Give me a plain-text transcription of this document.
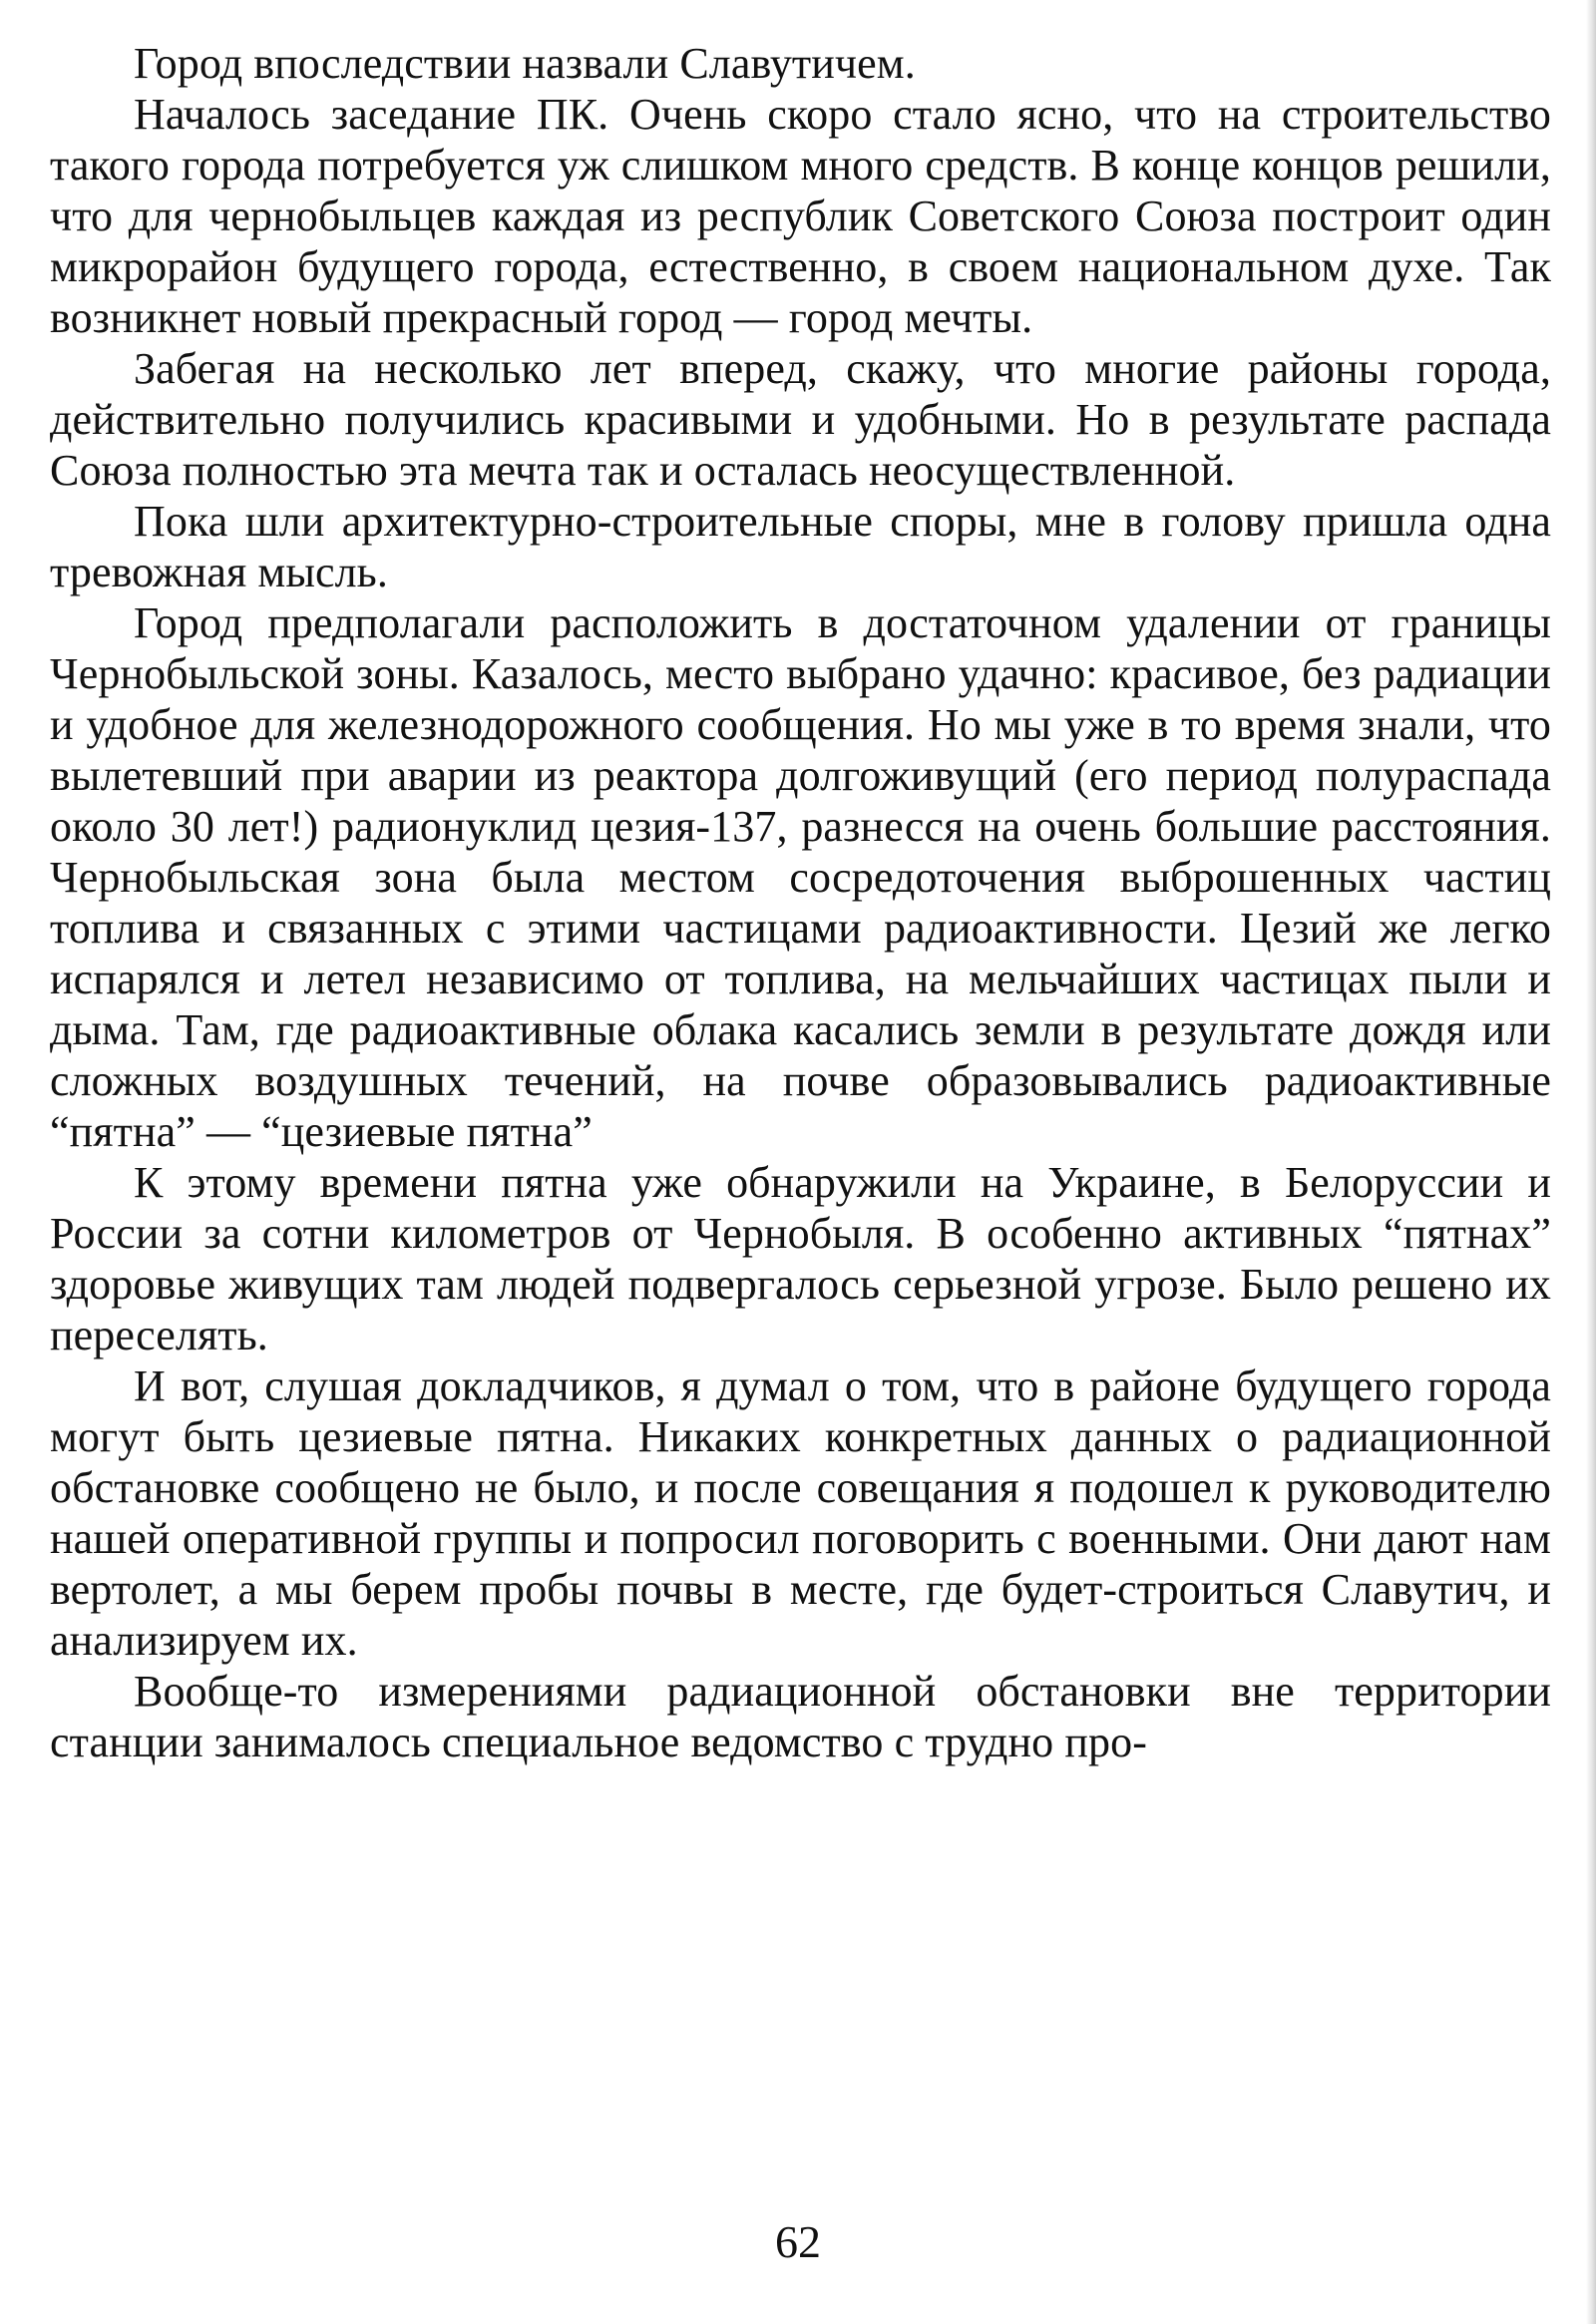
Город впоследствии назвали Славутичем.

Началось заседание ПК. Очень скоро стало ясно, что на строительство такого города потребуется уж слишком много средств. В конце концов решили, что для чернобыльцев каждая из республик Советского Союза построит один микрорайон будущего города, естественно, в своем национальном духе. Так возникнет новый прекрасный город — город мечты.

Забегая на несколько лет вперед, скажу, что многие районы города, действительно получились красивыми и удобными. Но в результате распада Союза полностью эта мечта так и осталась неосуществленной.

Пока шли архитектурно-строительные споры, мне в голову пришла одна тревожная мысль.

Город предполагали расположить в достаточном удалении от границы Чернобыльской зоны. Казалось, место выбрано удачно: красивое, без радиации и удобное для железнодорожного сообщения. Но мы уже в то время знали, что вылетевший при аварии из реактора долгоживущий (его период полураспада около 30 лет!) радионуклид цезия-137, разнесся на очень большие расстояния. Чернобыльская зона была местом сосредоточения выброшенных частиц топлива и связанных с этими частицами радиоактивности. Цезий же легко испарялся и летел независимо от топлива, на мельчайших частицах пыли и дыма. Там, где радиоактивные облака касались земли в результате дождя или сложных воздушных течений, на почве образовывались радиоактивные “пятна” — “цезиевые пятна”

К этому времени пятна уже обнаружили на Украине, в Белоруссии и России за сотни километров от Чернобыля. В особенно активных “пятнах” здоровье живущих там людей подвергалось серьезной угрозе. Было решено их переселять.

И вот, слушая докладчиков, я думал о том, что в районе будущего города могут быть цезиевые пятна. Никаких конкретных данных о радиационной обстановке сообщено не было, и после совещания я подошел к руководителю нашей оперативной группы и попросил поговорить с военными. Они дают нам вертолет, а мы берем пробы почвы в месте, где будет-строиться Славутич, и анализируем их.

Вообще-то измерениями радиационной обстановки вне территории станции занималось специальное ведомство с трудно про-

62
